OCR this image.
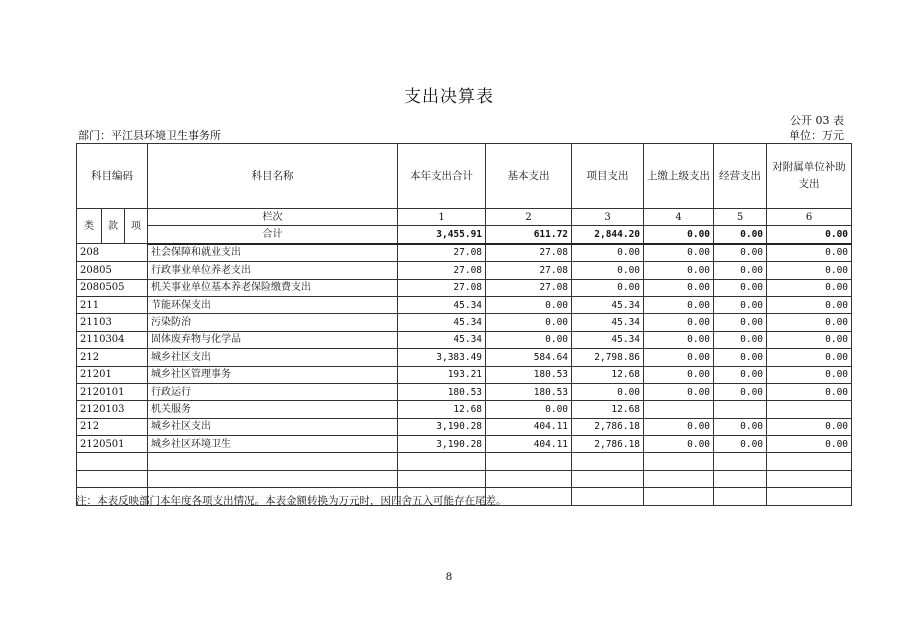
支出决算表
公开 03 表
部门：平江县环境卫生事务所	单位：万元
科目编码			科目名称	本年支出合计	基本支出	项目支出	上缴上级支出	经营支出	对附属单位补助支出
类	款	项	栏次	1	2	3	4	5	6
			合计	3,455.91	611.72	2,844.20	0.00	0.00	0.00
208			社会保障和就业支出	27.08	27.08	0.00	0.00	0.00	0.00
20805			行政事业单位养老支出	27.08	27.08	0.00	0.00	0.00	0.00
2080505			机关事业单位基本养老保险缴费支出	27.08	27.08	0.00	0.00	0.00	0.00
211			节能环保支出	45.34	0.00	45.34	0.00	0.00	0.00
21103			污染防治	45.34	0.00	45.34	0.00	0.00	0.00
2110304			固体废弃物与化学品	45.34	0.00	45.34	0.00	0.00	0.00
212			城乡社区支出	3,383.49	584.64	2,798.86	0.00	0.00	0.00
21201			城乡社区管理事务	193.21	180.53	12.68	0.00	0.00	0.00
2120101			行政运行	180.53	180.53	0.00	0.00	0.00	0.00
2120103			机关服务	12.68	0.00	12.68			
212			城乡社区支出	3,190.28	404.11	2,786.18	0.00	0.00	0.00
2120501			城乡社区环境卫生	3,190.28	404.11	2,786.18	0.00	0.00	0.00

注：本表反映部门本年度各项支出情况。本表金额转换为万元时，因四舍五入可能存在尾差。
8
